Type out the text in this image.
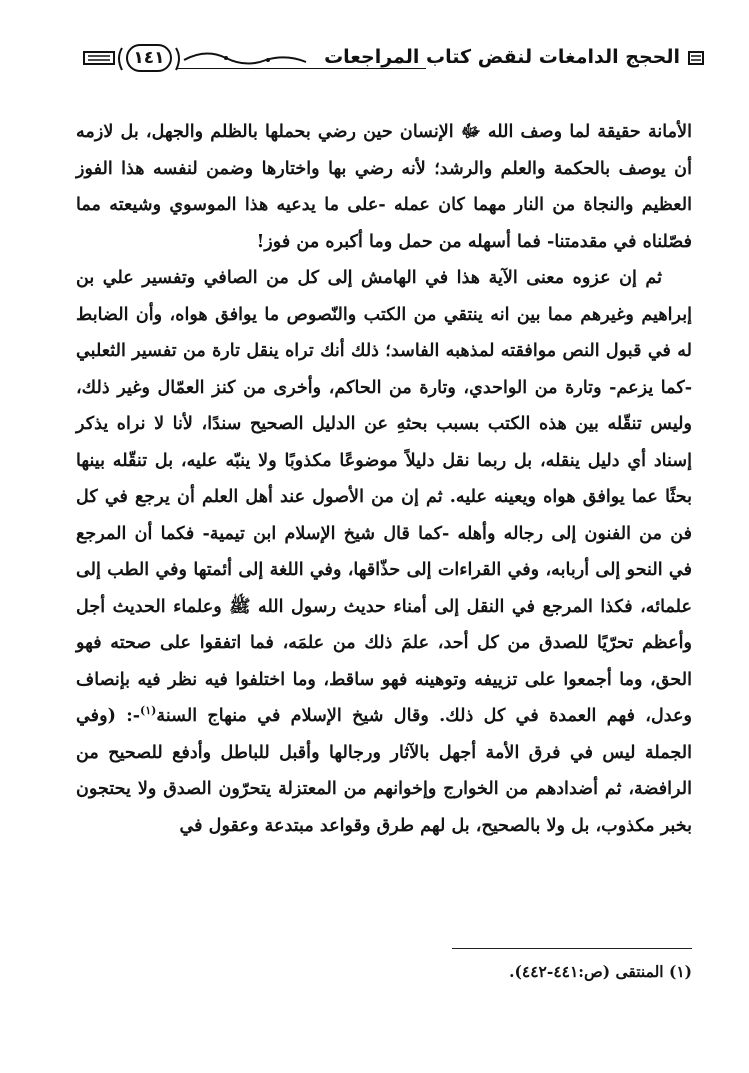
١٤١	الحجج الدامغات لنقض كتاب المراجعات

الأمانة حقيقة لما وصف الله ﷻ الإنسان حين رضي بحملها بالظلم والجهل، بل لازمه أن يوصف بالحكمة والعلم والرشد؛ لأنه رضي بها واختارها وضمن لنفسه هذا الفوز العظيم والنجاة من النار مهما كان عمله -على ما يدعيه هذا الموسوي وشيعته مما فصّلناه في مقدمتنا- فما أسهله من حمل وما أكبره من فوز!

ثم إن عزوه معنى الآية هذا في الهامش إلى كل من الصافي وتفسير علي بن إبراهيم وغيرهم مما بين انه ينتقي من الكتب والنّصوص ما يوافق هواه، وأن الضابط له في قبول النص موافقته لمذهبه الفاسد؛ ذلك أنك تراه ينقل تارة من تفسير الثعلبي -كما يزعم- وتارة من الواحدي، وتارة من الحاكم، وأخرى من كنز العمّال وغير ذلك، وليس تنقّله بين هذه الكتب بسبب بحثهِ عن الدليل الصحيح سندًا، لأنا لا نراه يذكر إسناد أي دليل ينقله، بل ربما نقل دليلاً موضوعًا مكذوبًا ولا ينبّه عليه، بل تنقّله بينها بحثًا عما يوافق هواه ويعينه عليه. ثم إن من الأصول عند أهل العلم أن يرجع في كل فن من الفنون إلى رجاله وأهله -كما قال شيخ الإسلام ابن تيمية- فكما أن المرجع في النحو إلى أربابه، وفي القراءات إلى حذّاقها، وفي اللغة إلى أئمتها وفي الطب إلى علمائه، فكذا المرجع في النقل إلى أمناء حديث رسول الله ﷺ وعلماء الحديث أجل وأعظم تحرّيًا للصدق من كل أحد، علمَ ذلك من علمَه، فما اتفقوا على صحته فهو الحق، وما أجمعوا على تزييفه وتوهينه فهو ساقط، وما اختلفوا فيه نظر فيه بإنصاف وعدل، فهم العمدة في كل ذلك. وقال شيخ الإسلام في منهاج السنة$^{(١)}$-: (وفي الجملة ليس في فرق الأمة أجهل بالآثار ورجالها وأقبل للباطل وأدفع للصحيح من الرافضة، ثم أضدادهم من الخوارج وإخوانهم من المعتزلة يتحرّون الصدق ولا يحتجون بخبر مكذوب، بل ولا بالصحيح، بل لهم طرق وقواعد مبتدعة وعقول في

(١) المنتقى (ص:٤٤١-٤٤٢).
